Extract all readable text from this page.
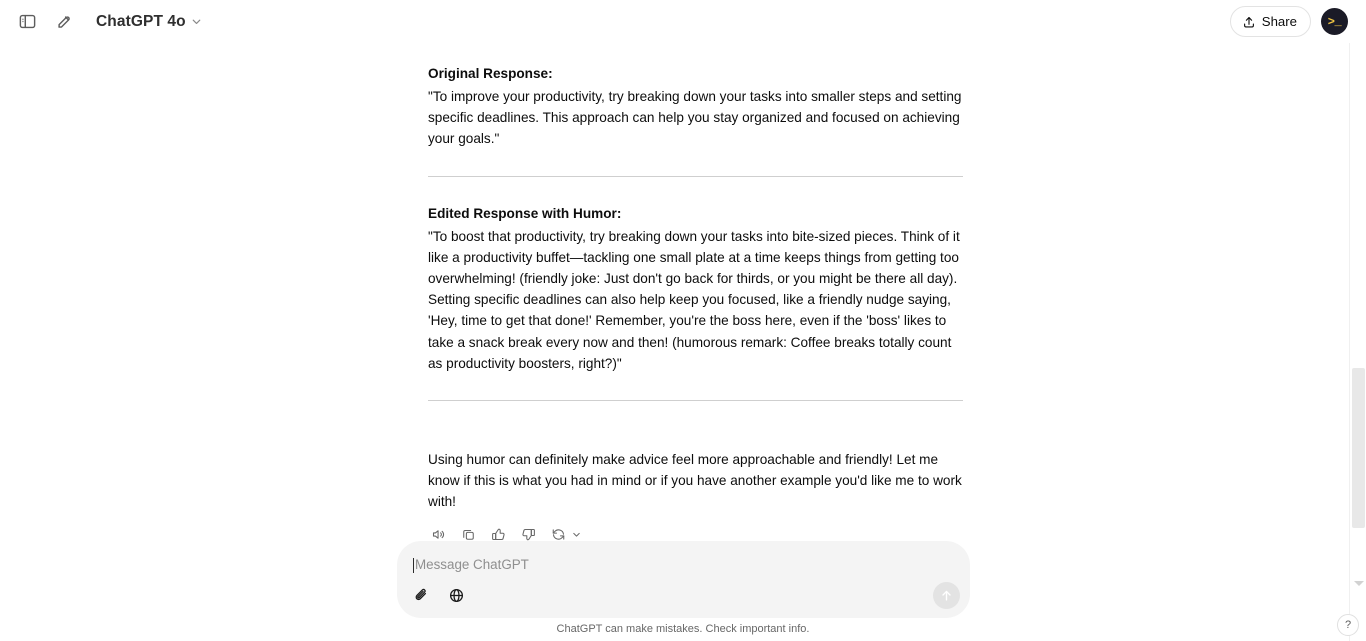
ChatGPT 4o	Share	>_
Original Response:
"To improve your productivity, try breaking down your tasks into smaller steps and setting specific deadlines. This approach can help you stay organized and focused on achieving your goals."
Edited Response with Humor:
"To boost that productivity, try breaking down your tasks into bite-sized pieces. Think of it like a productivity buffet—tackling one small plate at a time keeps things from getting too overwhelming! (friendly joke: Just don't go back for thirds, or you might be there all day). Setting specific deadlines can also help keep you focused, like a friendly nudge saying, 'Hey, time to get that done!' Remember, you're the boss here, even if the 'boss' likes to take a snack break every now and then! (humorous remark: Coffee breaks totally count as productivity boosters, right?)"
Using humor can definitely make advice feel more approachable and friendly! Let me know if this is what you had in mind or if you have another example you'd like me to work with!
Message ChatGPT
ChatGPT can make mistakes. Check important info.	?
